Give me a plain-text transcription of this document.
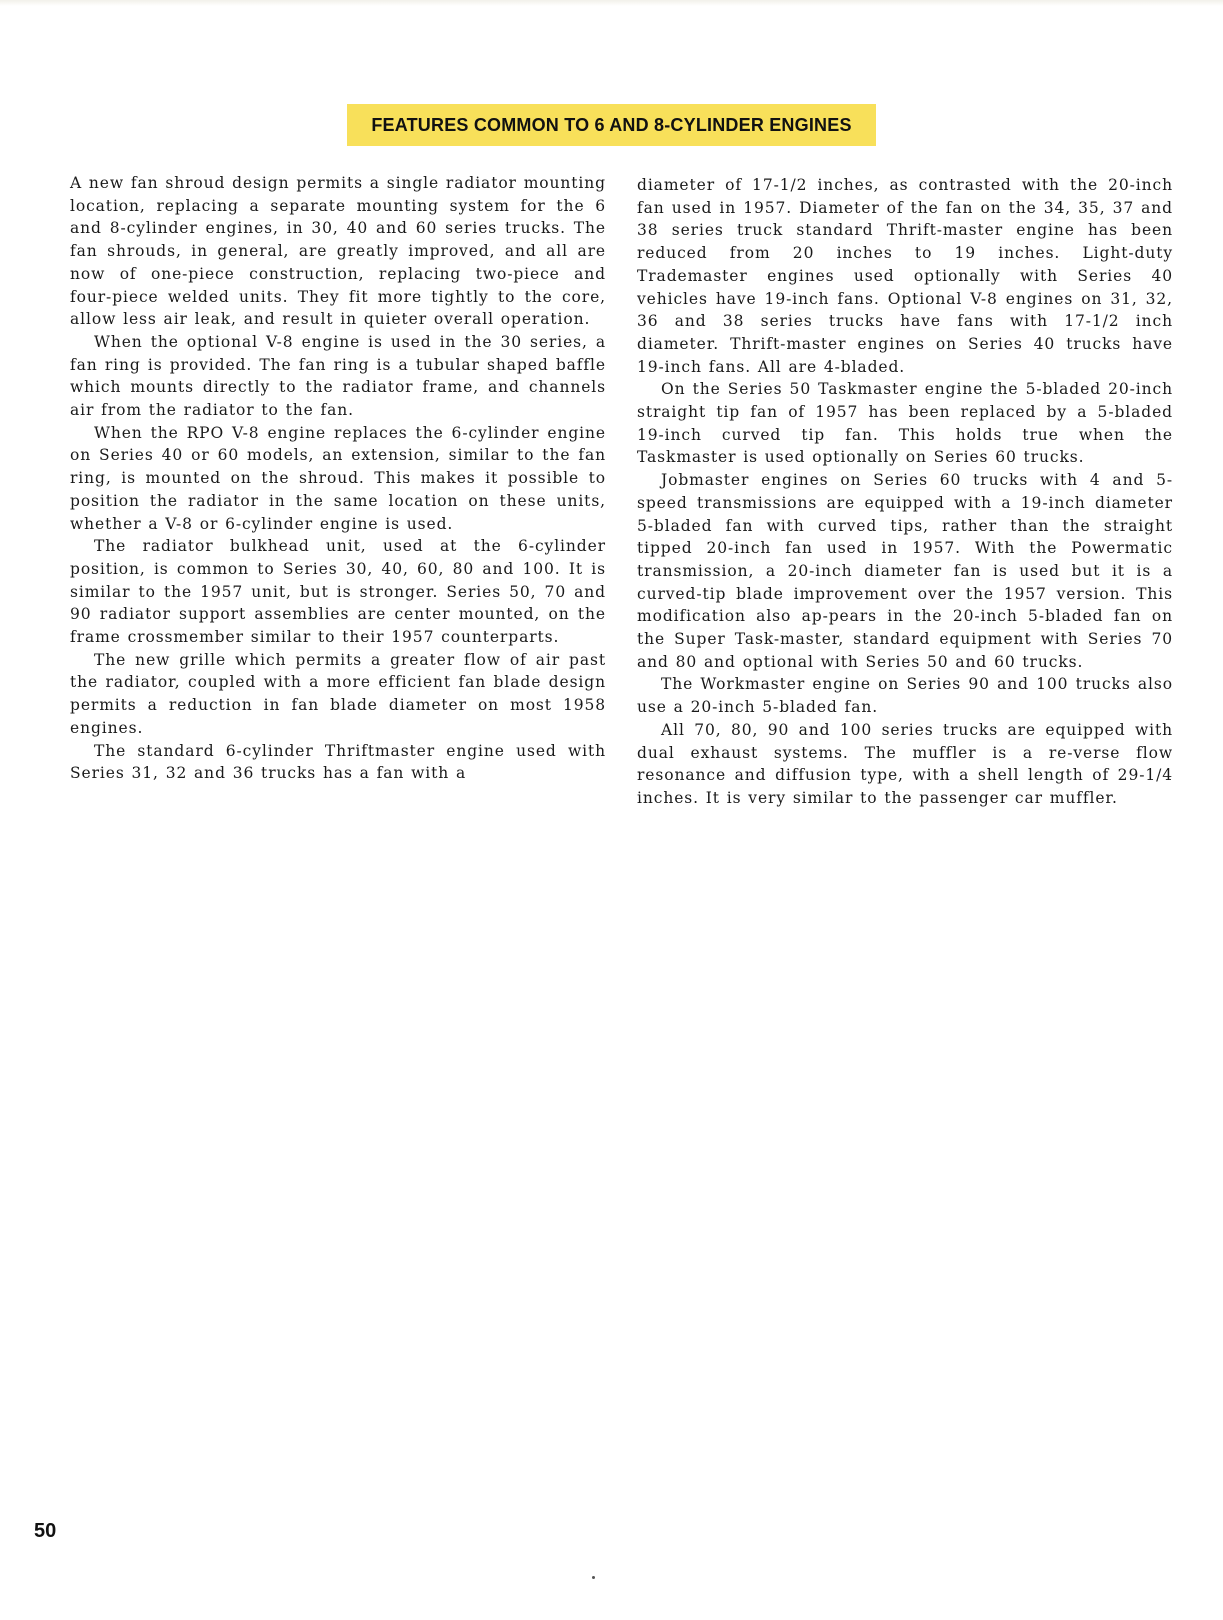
FEATURES COMMON TO 6 AND 8-CYLINDER ENGINES

A new fan shroud design permits a single radiator mounting location, replacing a separate mounting system for the 6 and 8-cylinder engines, in 30, 40 and 60 series trucks. The fan shrouds, in general, are greatly improved, and all are now of one-piece construction, replacing two-piece and four-piece welded units. They fit more tightly to the core, allow less air leak, and result in quieter overall operation.

When the optional V-8 engine is used in the 30 series, a fan ring is provided. The fan ring is a tubular shaped baffle which mounts directly to the radiator frame, and channels air from the radiator to the fan.

When the RPO V-8 engine replaces the 6-cylinder engine on Series 40 or 60 models, an extension, similar to the fan ring, is mounted on the shroud. This makes it possible to position the radiator in the same location on these units, whether a V-8 or 6-cylinder engine is used.

The radiator bulkhead unit, used at the 6-cylinder position, is common to Series 30, 40, 60, 80 and 100. It is similar to the 1957 unit, but is stronger. Series 50, 70 and 90 radiator support assemblies are center mounted, on the frame crossmember similar to their 1957 counterparts.

The new grille which permits a greater flow of air past the radiator, coupled with a more efficient fan blade design permits a reduction in fan blade diameter on most 1958 engines.

The standard 6-cylinder Thriftmaster engine used with Series 31, 32 and 36 trucks has a fan with a

diameter of 17-1/2 inches, as contrasted with the 20-inch fan used in 1957. Diameter of the fan on the 34, 35, 37 and 38 series truck standard Thrift-master engine has been reduced from 20 inches to 19 inches. Light-duty Trademaster engines used optionally with Series 40 vehicles have 19-inch fans. Optional V-8 engines on 31, 32, 36 and 38 series trucks have fans with 17-1/2 inch diameter. Thrift-master engines on Series 40 trucks have 19-inch fans. All are 4-bladed.

On the Series 50 Taskmaster engine the 5-bladed 20-inch straight tip fan of 1957 has been replaced by a 5-bladed 19-inch curved tip fan. This holds true when the Taskmaster is used optionally on Series 60 trucks.

Jobmaster engines on Series 60 trucks with 4 and 5-speed transmissions are equipped with a 19-inch diameter 5-bladed fan with curved tips, rather than the straight tipped 20-inch fan used in 1957. With the Powermatic transmission, a 20-inch diameter fan is used but it is a curved-tip blade improvement over the 1957 version. This modification also ap-pears in the 20-inch 5-bladed fan on the Super Task-master, standard equipment with Series 70 and 80 and optional with Series 50 and 60 trucks.

The Workmaster engine on Series 90 and 100 trucks also use a 20-inch 5-bladed fan.

All 70, 80, 90 and 100 series trucks are equipped with dual exhaust systems. The muffler is a re-verse flow resonance and diffusion type, with a shell length of 29-1/4 inches. It is very similar to the passenger car muffler.

50
